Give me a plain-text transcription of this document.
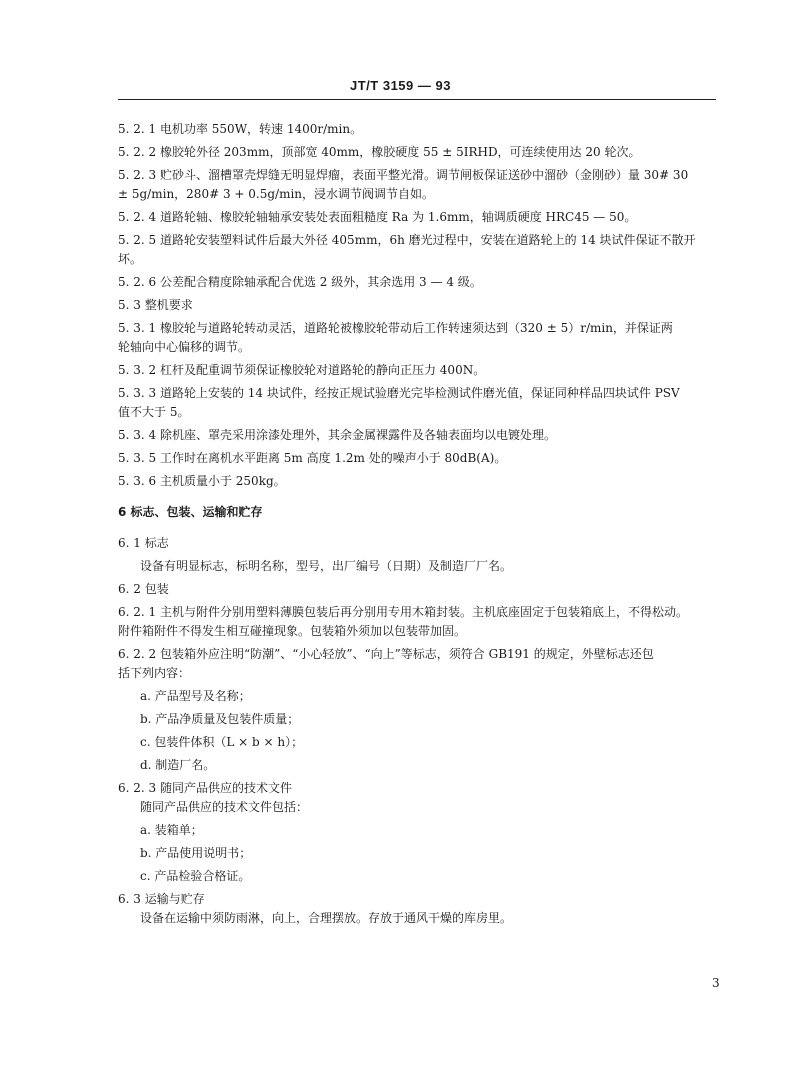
JT/T 3159 — 93
5. 2. 1 电机功率 550W，转速 1400r/min。
5. 2. 2 橡胶轮外径 203mm，顶部宽 40mm，橡胶硬度 55 ± 5IRHD，可连续使用达 20 轮次。
5. 2. 3 贮砂斗、溜槽罩壳焊缝无明显焊瘤，表面平整光滑。调节闸板保证送砂中溜砂（金刚砂）量 30# 30
± 5g/min，280# 3 + 0.5g/min，浸水调节阀调节自如。
5. 2. 4 道路轮轴、橡胶轮轴轴承安装处表面粗糙度 Ra 为 1.6mm，轴调质硬度 HRC45 — 50。
5. 2. 5 道路轮安装塑料试件后最大外径 405mm，6h 磨光过程中，安装在道路轮上的 14 块试件保证不散开
坏。
5. 2. 6 公差配合精度除轴承配合优选 2 级外，其余选用 3 — 4 级。
5. 3 整机要求
5. 3. 1 橡胶轮与道路轮转动灵活，道路轮被橡胶轮带动后工作转速须达到（320 ± 5）r/min，并保证两
轮轴向中心偏移的调节。
5. 3. 2 杠杆及配重调节须保证橡胶轮对道路轮的静向正压力 400N。
5. 3. 3 道路轮上安装的 14 块试件，经按正规试验磨光完毕检测试件磨光值，保证同种样品四块试件 PSV
值不大于 5。
5. 3. 4 除机座、罩壳采用涂漆处理外，其余金属裸露件及各轴表面均以电镀处理。
5. 3. 5 工作时在离机水平距离 5m 高度 1.2m 处的噪声小于 80dB(A)。
5. 3. 6 主机质量小于 250kg。
6 标志、包装、运输和贮存
6. 1 标志
设备有明显标志，标明名称，型号，出厂编号（日期）及制造厂厂名。
6. 2 包装
6. 2. 1 主机与附件分别用塑料薄膜包装后再分别用专用木箱封装。主机底座固定于包装箱底上，不得松动。
附件箱附件不得发生相互碰撞现象。包装箱外须加以包装带加固。
6. 2. 2 包装箱外应注明“防潮”、“小心轻放”、“向上”等标志，须符合 GB191 的规定，外壁标志还包
括下列内容：
a. 产品型号及名称；
b. 产品净质量及包装件质量；
c. 包装件体积（L × b × h）；
d. 制造厂名。
6. 2. 3 随同产品供应的技术文件
随同产品供应的技术文件包括：
a. 装箱单；
b. 产品使用说明书；
c. 产品检验合格证。
6. 3 运输与贮存
设备在运输中须防雨淋，向上，合理摆放。存放于通风干燥的库房里。
3
